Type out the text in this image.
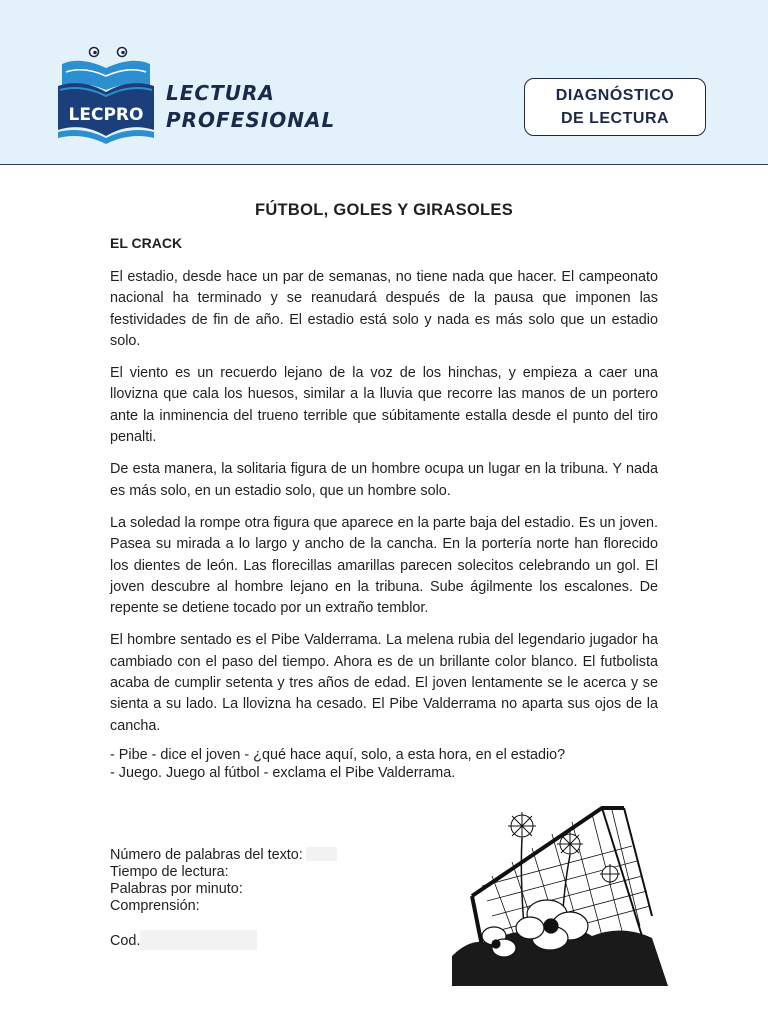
LECPRO
LECTURA
PROFESIONAL
DIAGNÓSTICO
DE LECTURA
FÚTBOL, GOLES Y GIRASOLES
EL CRACK

El estadio, desde hace un par de semanas, no tiene nada que hacer. El campeonato nacional ha terminado y se reanudará después de la pausa que imponen las festividades de fin de año. El estadio está solo y nada es más solo que un estadio solo.

El viento es un recuerdo lejano de la voz de los hinchas, y empieza a caer una llovizna que cala los huesos, similar a la lluvia que recorre las manos de un portero ante la inminencia del trueno terrible que súbitamente estalla desde el punto del tiro penalti.

De esta manera, la solitaria figura de un hombre ocupa un lugar en la tribuna. Y nada es más solo, en un estadio solo, que un hombre solo.

La soledad la rompe otra figura que aparece en la parte baja del estadio. Es un joven. Pasea su mirada a lo largo y ancho de la cancha. En la portería norte han florecido los dientes de león. Las florecillas amarillas parecen solecitos celebrando un gol. El joven descubre al hombre lejano en la tribuna. Sube ágilmente los escalones. De repente se detiene tocado por un extraño temblor.

El hombre sentado es el Pibe Valderrama. La melena rubia del legendario jugador ha cambiado con el paso del tiempo. Ahora es de un brillante color blanco. El futbolista acaba de cumplir setenta y tres años de edad. El joven lentamente se le acerca y se sienta a su lado. La llovizna ha cesado. El Pibe Valderrama no aparta sus ojos de la cancha.

- Pibe - dice el joven - ¿qué hace aquí, solo, a esta hora, en el estadio?
- Juego. Juego al fútbol - exclama el Pibe Valderrama.
Número de palabras del texto:
Tiempo de lectura:
Palabras por minuto:
Comprensión:
Cod.
